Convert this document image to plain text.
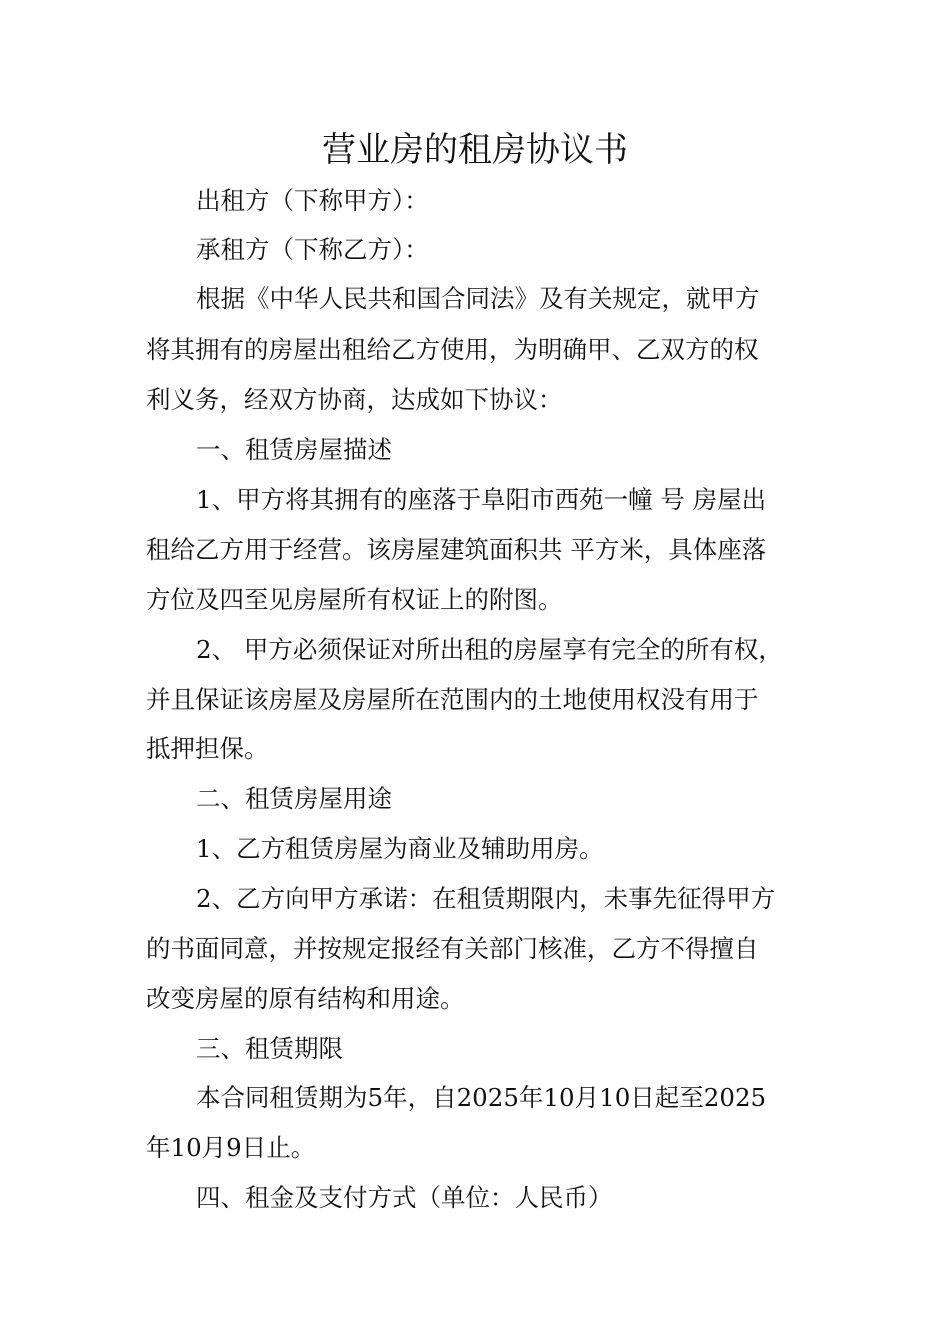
营业房的租房协议书

出租方（下称甲方）：

承租方（下称乙方）：

根据《中华人民共和国合同法》及有关规定，就甲方

将其拥有的房屋出租给乙方使用，为明确甲、乙双方的权

利义务，经双方协商，达成如下协议：

一、租赁房屋描述

1、甲方将其拥有的座落于阜阳市西苑一幢 号 房屋出

租给乙方用于经营。该房屋建筑面积共 平方米，具体座落

方位及四至见房屋所有权证上的附图。

2、 甲方必须保证对所出租的房屋享有完全的所有权，

并且保证该房屋及房屋所在范围内的土地使用权没有用于

抵押担保。

二、租赁房屋用途

1、乙方租赁房屋为商业及辅助用房。

2、乙方向甲方承诺：在租赁期限内，未事先征得甲方

的书面同意，并按规定报经有关部门核准，乙方不得擅自

改变房屋的原有结构和用途。

三、租赁期限

本合同租赁期为5年，自2025年10月10日起至2025

年10月9日止。

四、租金及支付方式（单位：人民币）
